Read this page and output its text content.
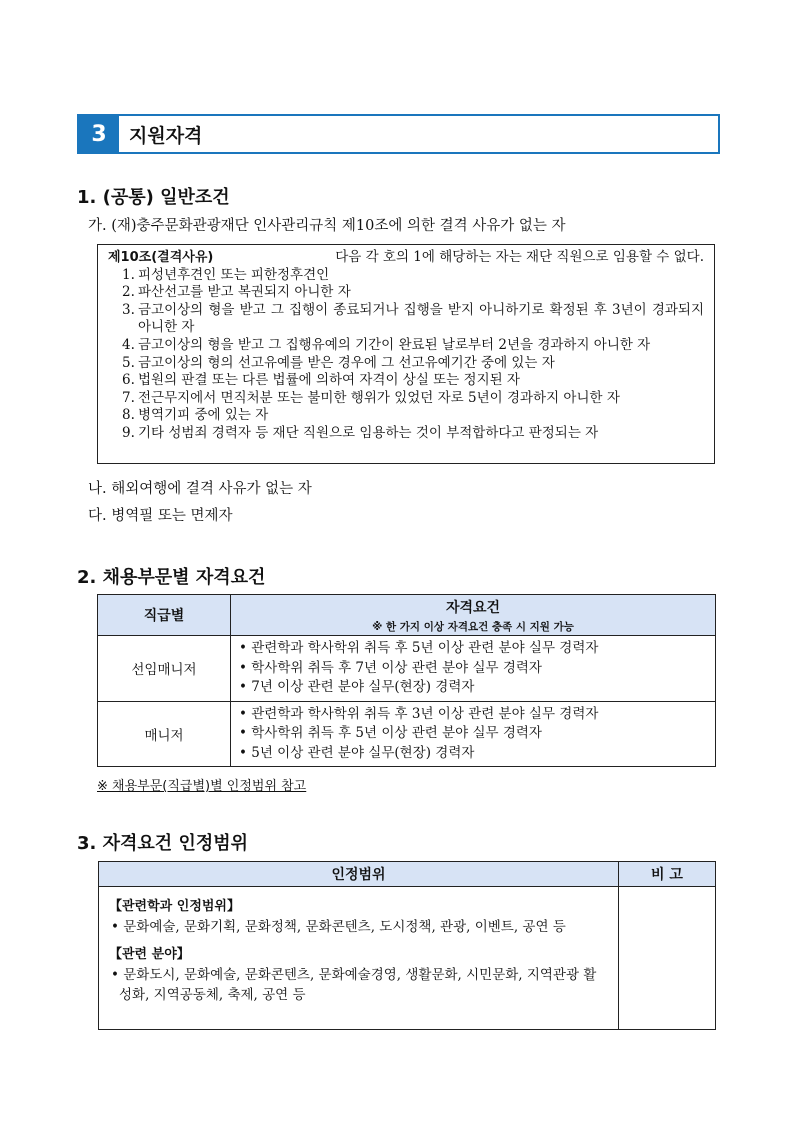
3	지원자격
1. (공통) 일반조건
가. (재)충주문화관광재단 인사관리규칙 제10조에 의한 결격 사유가 없는 자
제10조(결격사유)	다음 각 호의 1에 해당하는 자는 재단 직원으로 임용할 수 없다.
1. 피성년후견인 또는 피한정후견인
2. 파산선고를 받고 복권되지 아니한 자
3. 금고이상의 형을 받고 그 집행이 종료되거나 집행을 받지 아니하기로 확정된 후 3년이 경과되지 아니한 자
4. 금고이상의 형을 받고 그 집행유예의 기간이 완료된 날로부터 2년을 경과하지 아니한 자
5. 금고이상의 형의 선고유예를 받은 경우에 그 선고유예기간 중에 있는 자
6. 법원의 판결 또는 다른 법률에 의하여 자격이 상실 또는 정지된 자
7. 전근무지에서 면직처분 또는 불미한 행위가 있었던 자로 5년이 경과하지 아니한 자
8. 병역기피 중에 있는 자
9. 기타 성범죄 경력자 등 재단 직원으로 임용하는 것이 부적합하다고 판정되는 자
나. 해외여행에 결격 사유가 없는 자
다. 병역필 또는 면제자
2. 채용부문별 자격요건
직급별	자격요건
※ 한 가지 이상 자격요건 충족 시 지원 가능

선임매니저	• 관련학과 학사학위 취득 후 5년 이상 관련 분야 실무 경력자
• 학사학위 취득 후 7년 이상 관련 분야 실무 경력자
• 7년 이상 관련 분야 실무(현장) 경력자

매니저	• 관련학과 학사학위 취득 후 3년 이상 관련 분야 실무 경력자
• 학사학위 취득 후 5년 이상 관련 분야 실무 경력자
• 5년 이상 관련 분야 실무(현장) 경력자
※ 채용부문(직급별)별 인정범위 참고
3. 자격요건 인정범위
인정범위	비 고

【관련학과 인정범위】
• 문화예술, 문화기획, 문화정책, 문화콘텐츠, 도시정책, 관광, 이벤트, 공연 등
【관련 분야】
• 문화도시, 문화예술, 문화콘텐츠, 문화예술경영, 생활문화, 시민문화, 지역관광 활성화, 지역공동체, 축제, 공연 등	
